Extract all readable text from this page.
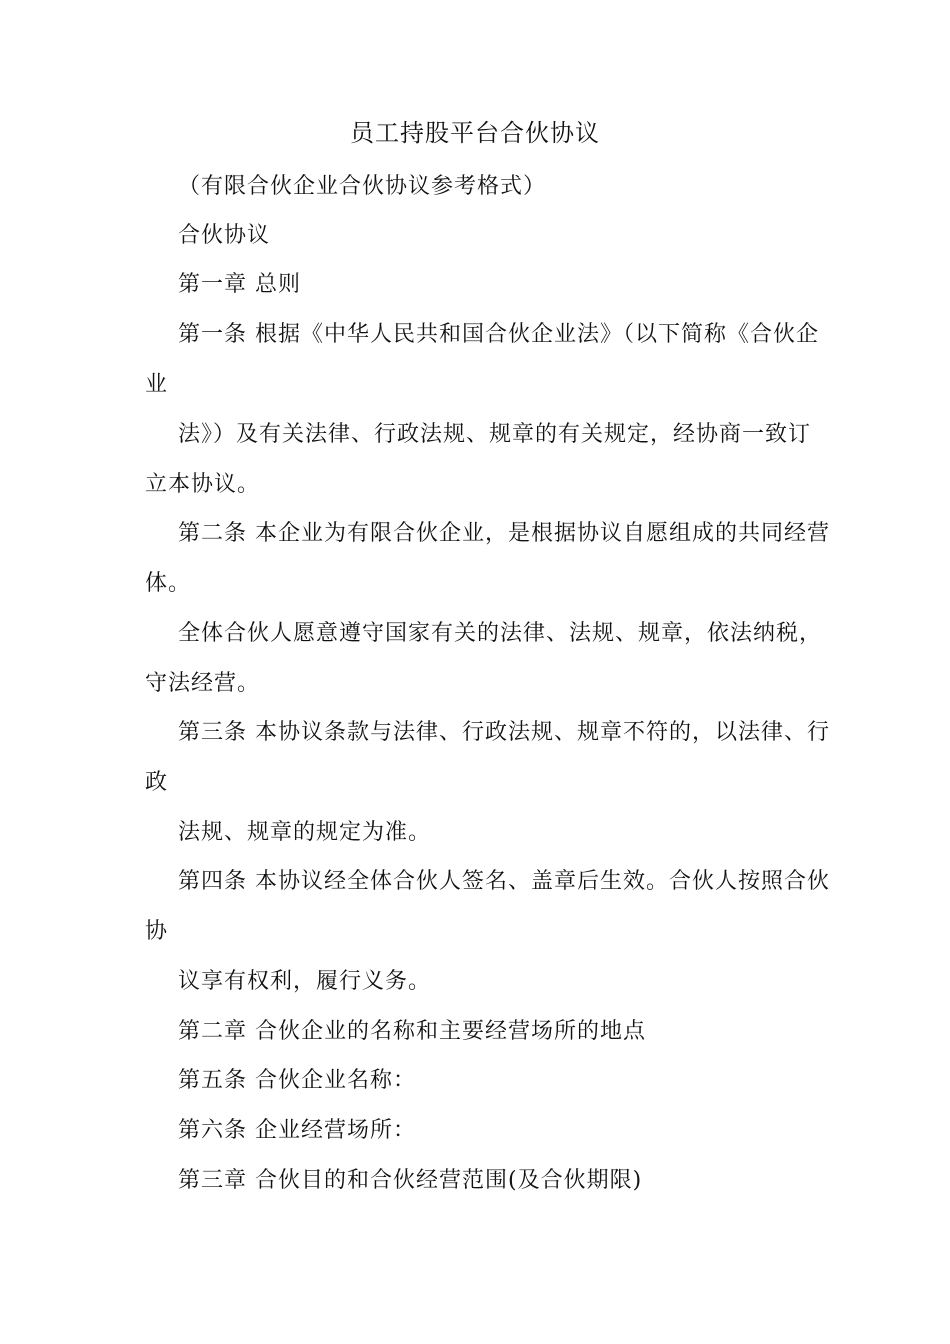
员工持股平台合伙协议
（有限合伙企业合伙协议参考格式）
合伙协议
第一章 总则
第一条 根据《中华人民共和国合伙企业法》（以下简称《合伙企
业
法》）及有关法律、行政法规、规章的有关规定，经协商一致订
立本协议。
第二条 本企业为有限合伙企业，是根据协议自愿组成的共同经营
体。
全体合伙人愿意遵守国家有关的法律、法规、规章，依法纳税，
守法经营。
第三条 本协议条款与法律、行政法规、规章不符的，以法律、行
政
法规、规章的规定为准。
第四条 本协议经全体合伙人签名、盖章后生效。合伙人按照合伙
协
议享有权利，履行义务。
第二章 合伙企业的名称和主要经营场所的地点
第五条 合伙企业名称：
第六条 企业经营场所：
第三章 合伙目的和合伙经营范围(及合伙期限)
